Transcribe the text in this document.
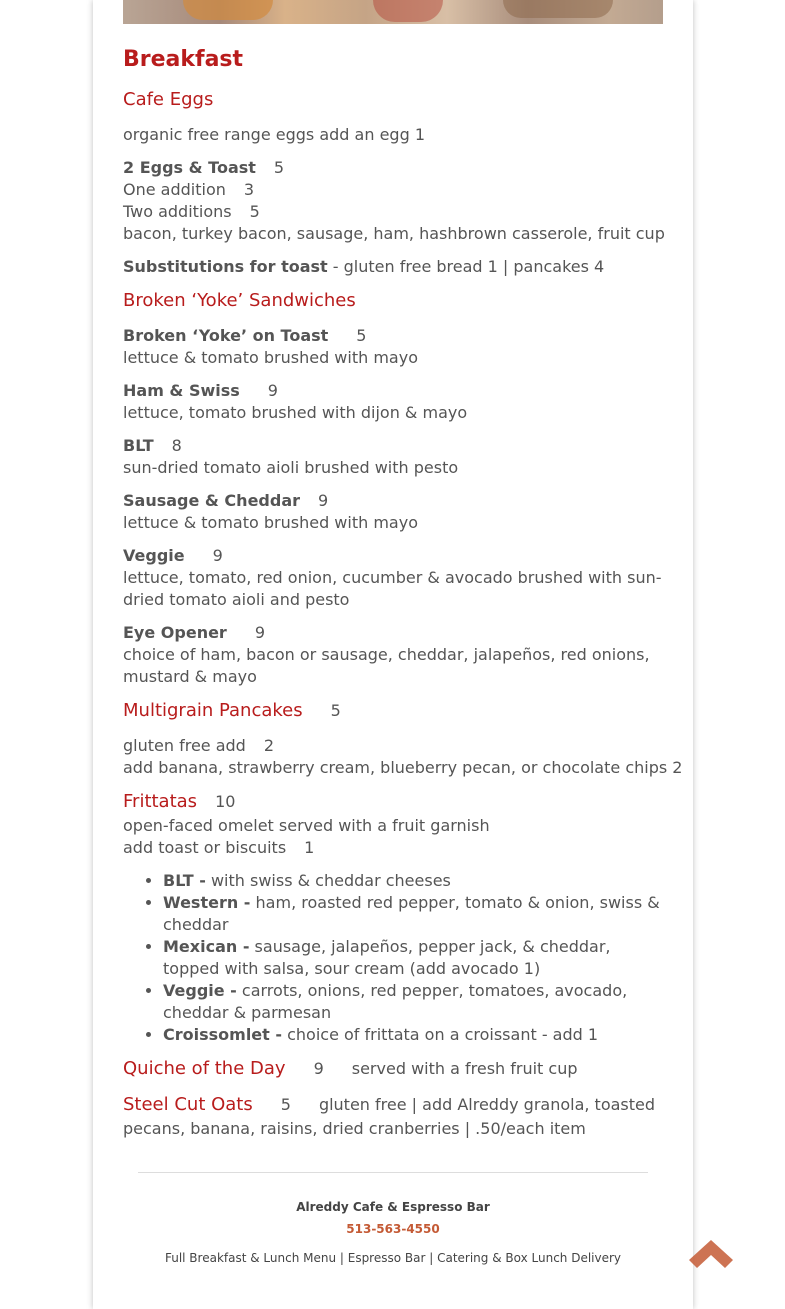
Breakfast
Cafe Eggs
organic free range eggs add an egg 1
2 Eggs & Toast 5
One addition 3
Two additions 5
bacon, turkey bacon, sausage, ham, hashbrown casserole, fruit cup
Substitutions for toast - gluten free bread 1 | pancakes 4
Broken ‘Yoke’ Sandwiches
Broken ‘Yoke’ on Toast 5
lettuce & tomato brushed with mayo
Ham & Swiss 9
lettuce, tomato brushed with dijon & mayo
BLT 8
sun-dried tomato aioli brushed with pesto
Sausage & Cheddar 9
lettuce & tomato brushed with mayo
Veggie 9
lettuce, tomato, red onion, cucumber & avocado brushed with sun-dried tomato aioli and pesto
Eye Opener 9
choice of ham, bacon or sausage, cheddar, jalapeños, red onions, mustard & mayo
Multigrain Pancakes 5
gluten free add 2
add banana, strawberry cream, blueberry pecan, or chocolate chips 2
Frittatas 10
open-faced omelet served with a fruit garnish
add toast or biscuits 1
• BLT - with swiss & cheddar cheeses
• Western - ham, roasted red pepper, tomato & onion, swiss & cheddar
• Mexican - sausage, jalapeños, pepper jack, & cheddar, topped with salsa, sour cream (add avocado 1)
• Veggie - carrots, onions, red pepper, tomatoes, avocado, cheddar & parmesan
• Croissomlet - choice of frittata on a croissant - add 1
Quiche of the Day 9 served with a fresh fruit cup
Steel Cut Oats 5 gluten free | add Alreddy granola, toasted
pecans, banana, raisins, dried cranberries | .50/each item
Alreddy Cafe & Espresso Bar
513-563-4550
Full Breakfast & Lunch Menu | Espresso Bar | Catering & Box Lunch Delivery
